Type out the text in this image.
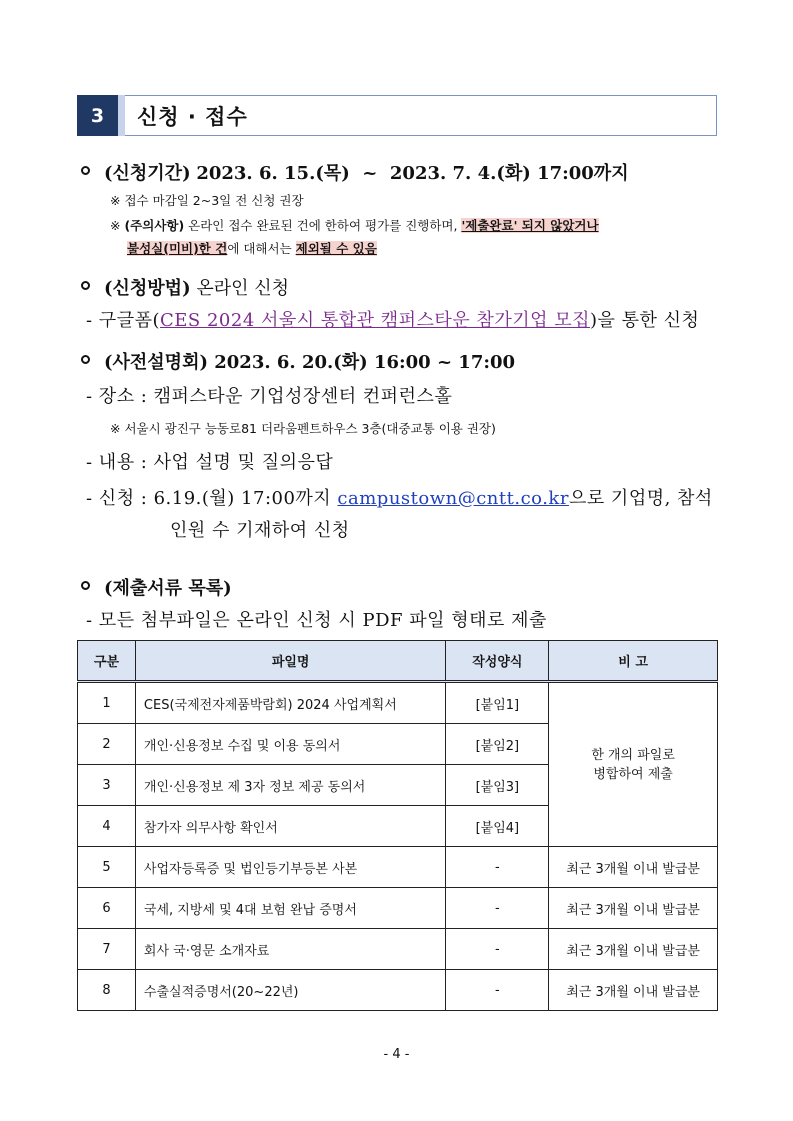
3	신청 · 접수
(신청기간) 2023. 6. 15.(목)  ~  2023. 7. 4.(화) 17:00까지
※ 접수 마감일 2~3일 전 신청 권장
※ (주의사항) 온라인 접수 완료된 건에 한하여 평가를 진행하며, '제출완료' 되지 않았거나
불성실(미비)한 건에 대해서는 제외될 수 있음
(신청방법) 온라인 신청
- 구글폼(CES 2024 서울시 통합관 캠퍼스타운 참가기업 모집)을 통한 신청
(사전설명회) 2023. 6. 20.(화) 16:00 ~ 17:00
- 장소 : 캠퍼스타운 기업성장센터 컨퍼런스홀
※ 서울시 광진구 능동로81 더라움펜트하우스 3층(대중교통 이용 권장)
- 내용 : 사업 설명 및 질의응답
- 신청 : 6.19.(월) 17:00까지 campustown@cntt.co.kr으로 기업명, 참석
인원 수 기재하여 신청
(제출서류 목록)
- 모든 첨부파일은 온라인 신청 시 PDF 파일 형태로 제출
구분	파일명	작성양식	비 고
1	CES(국제전자제품박람회) 2024 사업계획서	[붙임1]	한 개의 파일로
병합하여 제출

2	개인·신용정보 수집 및 이용 동의서	[붙임2]	
3	개인·신용정보 제 3자 정보 제공 동의서	[붙임3]	
4	참가자 의무사항 확인서	[붙임4]	
5	사업자등록증 및 법인등기부등본 사본	-	최근 3개월 이내 발급분
6	국세, 지방세 및 4대 보험 완납 증명서	-	최근 3개월 이내 발급분
7	회사 국·영문 소개자료	-	최근 3개월 이내 발급분
8	수출실적증명서(20~22년)	-	최근 3개월 이내 발급분
- 4 -
